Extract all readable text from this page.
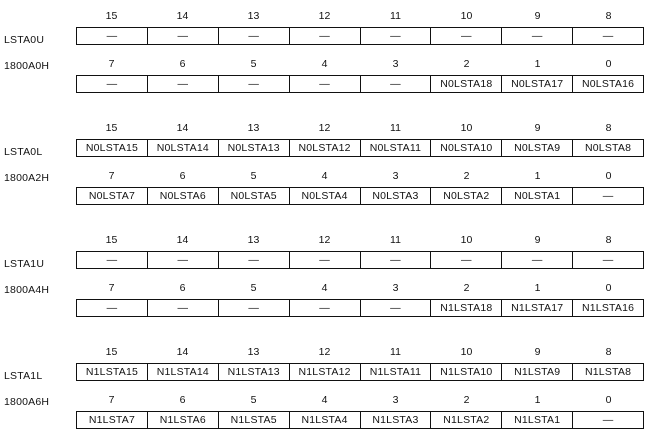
LSTA0U
1800A0H
15	14	13	12	11	10	9	8
—	—	—	—	—	—	—	—
7	6	5	4	3	2	1	0
—	—	—	—	—	N0LSTA18	N0LSTA17	N0LSTA16
LSTA0L
1800A2H
15	14	13	12	11	10	9	8
N0LSTA15	N0LSTA14	N0LSTA13	N0LSTA12	N0LSTA11	N0LSTA10	N0LSTA9	N0LSTA8
7	6	5	4	3	2	1	0
N0LSTA7	N0LSTA6	N0LSTA5	N0LSTA4	N0LSTA3	N0LSTA2	N0LSTA1	—
LSTA1U
1800A4H
15	14	13	12	11	10	9	8
—	—	—	—	—	—	—	—
7	6	5	4	3	2	1	0
—	—	—	—	—	N1LSTA18	N1LSTA17	N1LSTA16
LSTA1L
1800A6H
15	14	13	12	11	10	9	8
N1LSTA15	N1LSTA14	N1LSTA13	N1LSTA12	N1LSTA11	N1LSTA10	N1LSTA9	N1LSTA8
7	6	5	4	3	2	1	0
N1LSTA7	N1LSTA6	N1LSTA5	N1LSTA4	N1LSTA3	N1LSTA2	N1LSTA1	—
